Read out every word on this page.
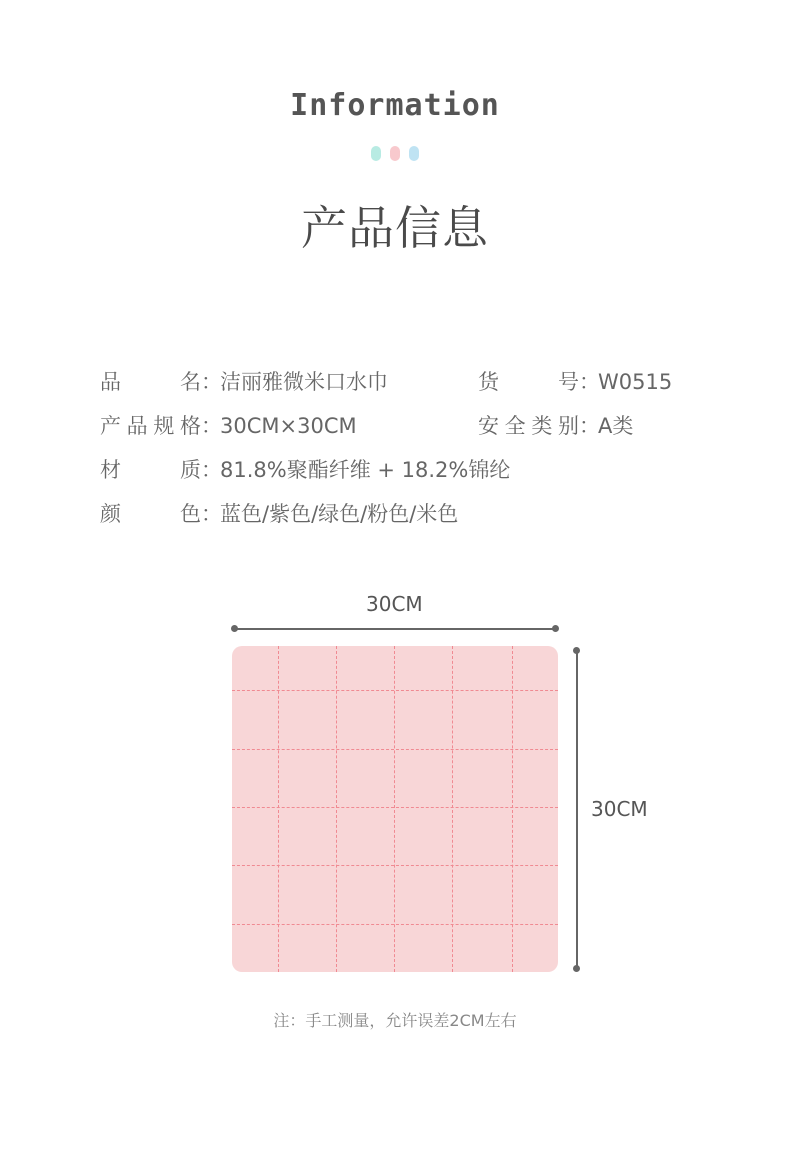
Information
产品信息
品名：洁丽雅微米口水巾	货号：W0515
产品规格：30CM×30CM	安全类别：A类
材质：81.8%聚酯纤维 + 18.2%锦纶
颜色：蓝色/紫色/绿色/粉色/米色
30CM
30CM
注：手工测量，允许误差2CM左右
